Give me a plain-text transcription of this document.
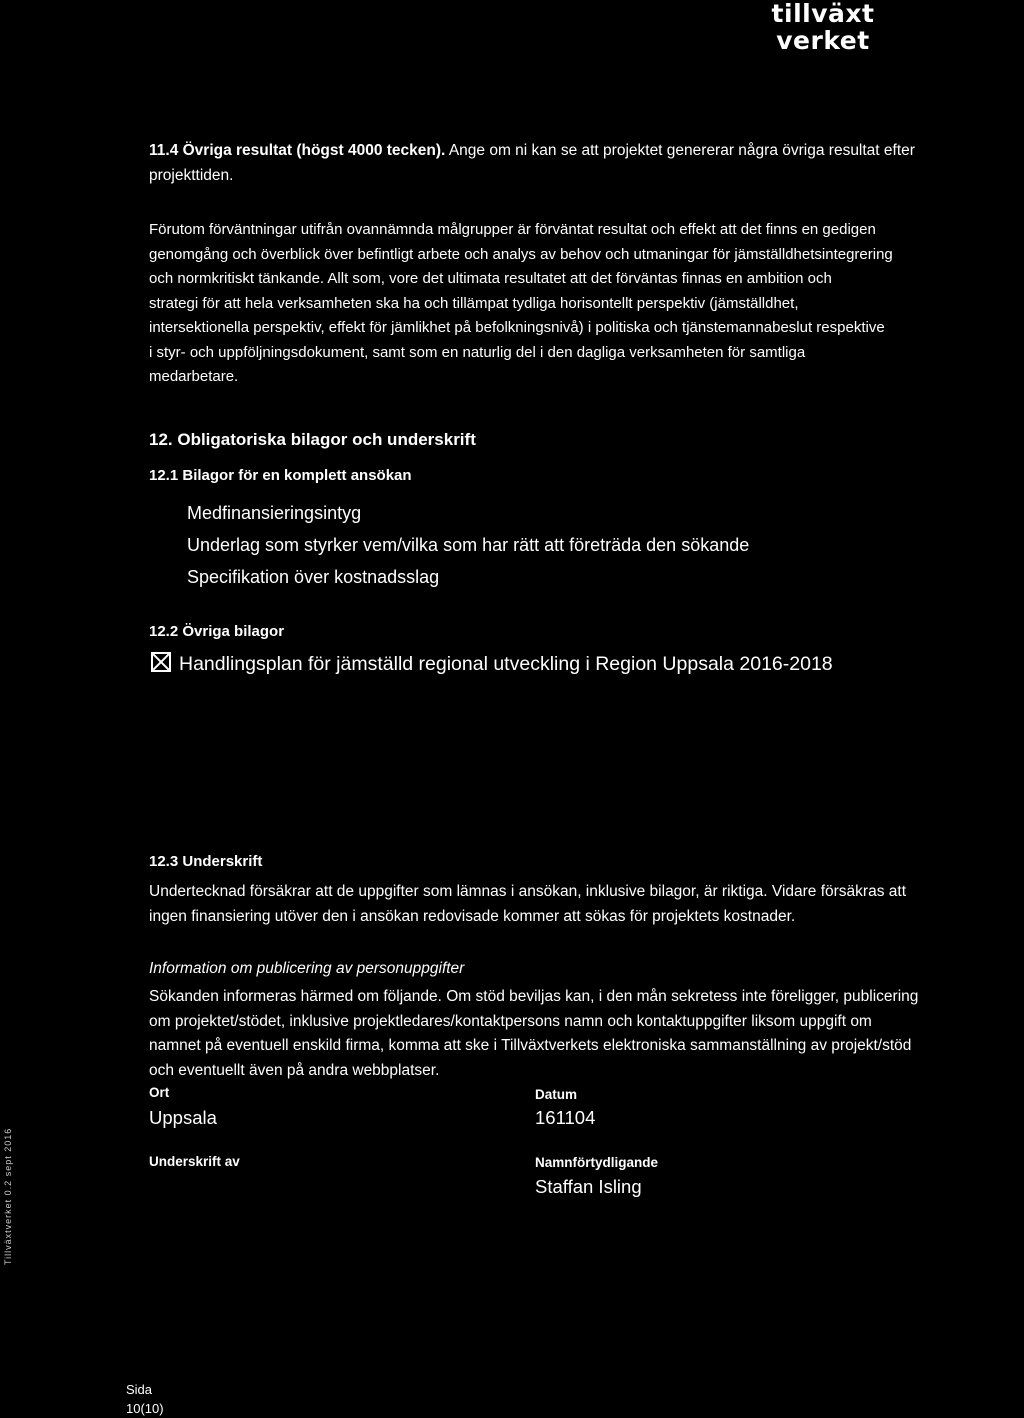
tillväxt
verket
11.4 Övriga resultat (högst 4000 tecken). Ange om ni kan se att projektet genererar några övriga resultat efter
projekttiden.
Förutom förväntningar utifrån ovannämnda målgrupper är förväntat resultat och effekt att det finns en gedigen
genomgång och överblick över befintligt arbete och analys av behov och utmaningar för jämställdhetsintegrering
och normkritiskt tänkande. Allt som, vore det ultimata resultatet att det förväntas finnas en ambition och
strategi för att hela verksamheten ska ha och tillämpat tydliga horisontellt perspektiv (jämställdhet,
intersektionella perspektiv, effekt för jämlikhet på befolkningsnivå) i politiska och tjänstemannabeslut respektive
i styr- och uppföljningsdokument, samt som en naturlig del i den dagliga verksamheten för samtliga
medarbetare.
12. Obligatoriska bilagor och underskrift
12.1 Bilagor för en komplett ansökan
Medfinansieringsintyg
Underlag som styrker vem/vilka som har rätt att företräda den sökande
Specifikation över kostnadsslag
12.2 Övriga bilagor
Handlingsplan för jämställd regional utveckling i Region Uppsala 2016-2018
12.3 Underskrift
Undertecknad försäkrar att de uppgifter som lämnas i ansökan, inklusive bilagor, är riktiga. Vidare försäkras att
ingen finansiering utöver den i ansökan redovisade kommer att sökas för projektets kostnader.
Information om publicering av personuppgifter
Sökanden informeras härmed om följande. Om stöd beviljas kan, i den mån sekretess inte föreligger, publicering
om projektet/stödet, inklusive projektledares/kontaktpersons namn och kontaktuppgifter liksom uppgift om
namnet på eventuell enskild firma, komma att ske i Tillväxtverkets elektroniska sammanställning av projekt/stöd
och eventuellt även på andra webbplatser.
Ort
Uppsala
Datum
161104
Underskrift av	Namnförtydligande
Staffan Isling
Tillväxtverket 0.2 sept 2016
Sida
10(10)
